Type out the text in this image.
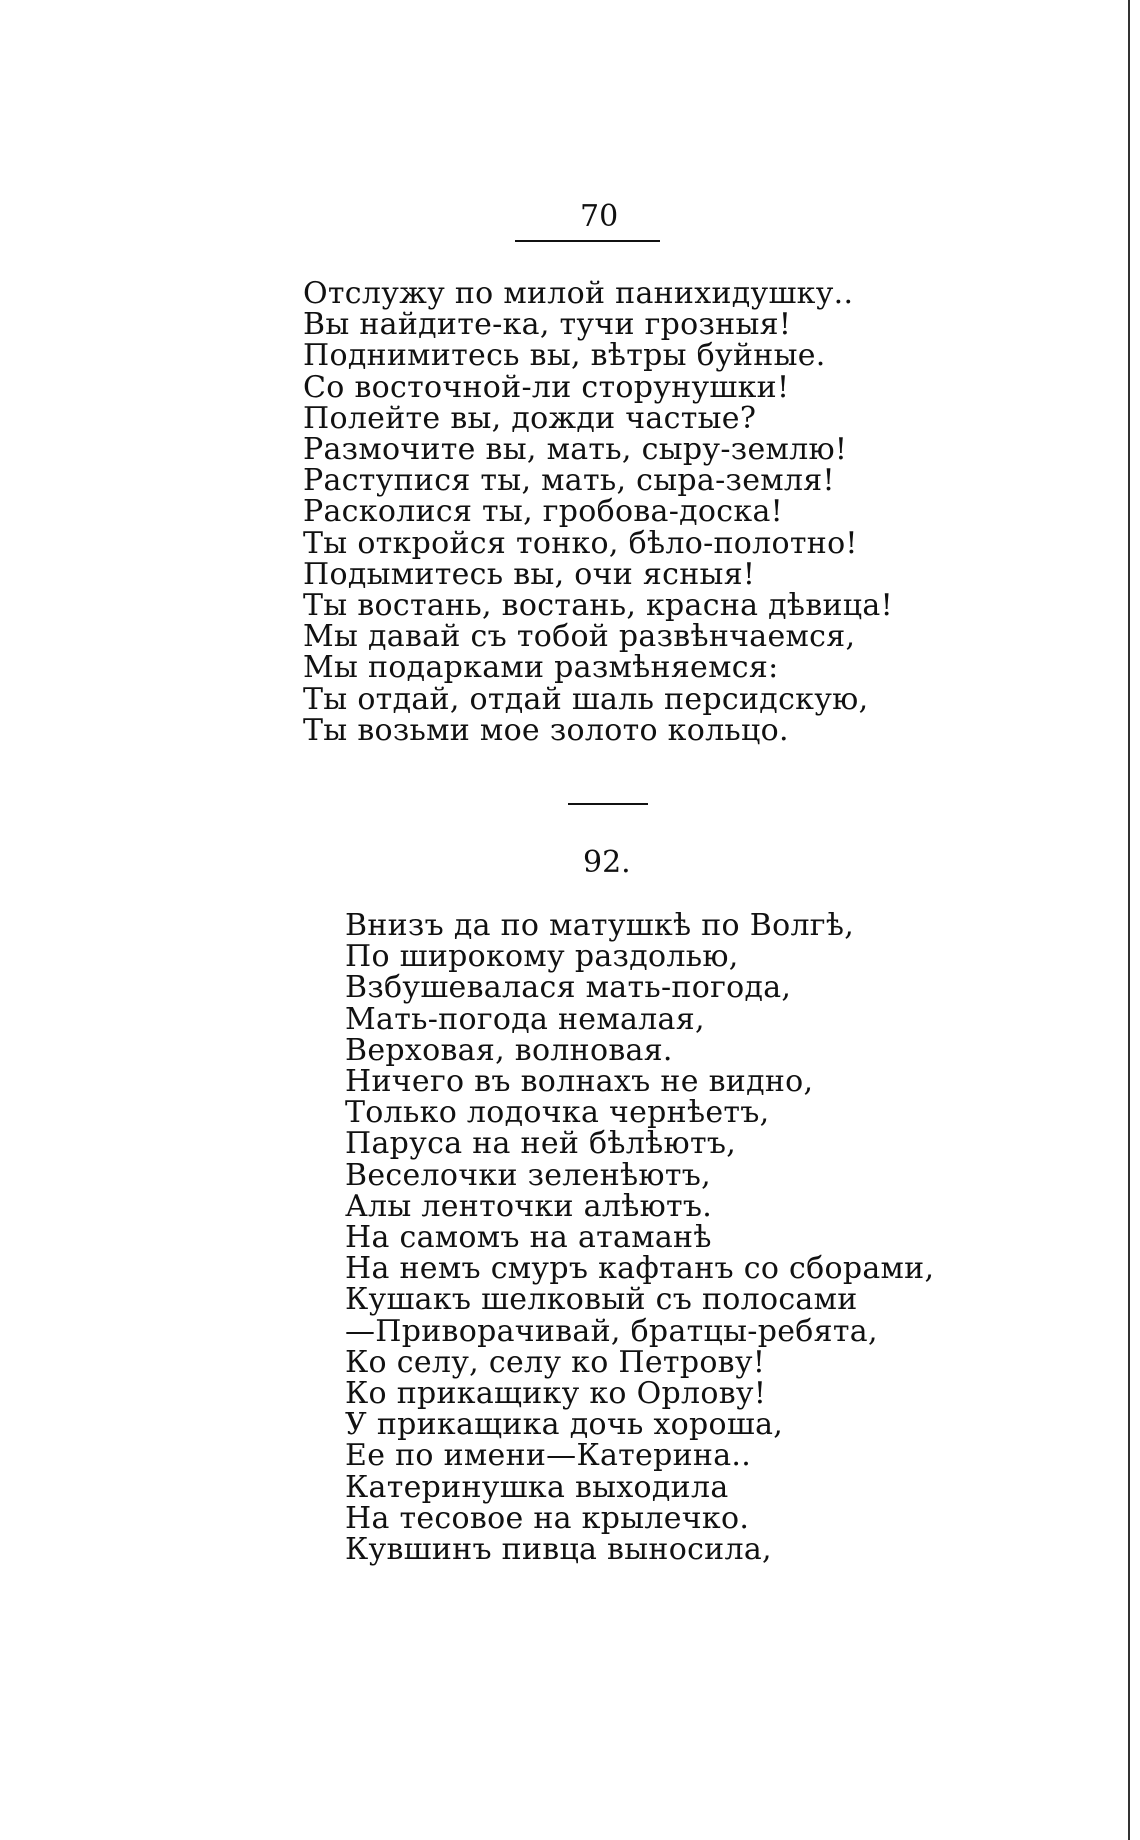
70

Отслужу по милой панихидушку..
Вы найдите-ка, тучи грозныя!
Поднимитесь вы, вѣтры буйные.
Со восточной-ли сторунушки!
Полейте вы, дожди частые?
Размочите вы, мать, сыру-землю!
Раступися ты, мать, сыра-земля!
Расколися ты, гробова-доска!
Ты откройся тонко, бѣло-полотно!
Подымитесь вы, очи ясныя!
Ты востань, востань, красна дѣвица!
Мы давай съ тобой развѣнчаемся,
Мы подарками размѣняемся:
Ты отдай, отдай шаль персидскую,
Ты возьми мое золото кольцо.

92.

Внизъ да по матушкѣ по Волгѣ,
По широкому раздолью,
Взбушевалася мать-погода,
Мать-погода немалая,
Верховая, волновая.
Ничего въ волнахъ не видно,
Только лодочка чернѣетъ,
Паруса на ней бѣлѣютъ,
Веселочки зеленѣютъ,
Алы ленточки алѣютъ.
На самомъ на атаманѣ
На немъ смуръ кафтанъ со сборами,
Кушакъ шелковый съ полосами
—Приворачивай, братцы-ребята,
Ко селу, селу ко Петрову!
Ко прикащику ко Орлову!
У прикащика дочь хороша,
Ее по имени—Катерина..
Катеринушка выходила
На тесовое на крылечко.
Кувшинъ пивца выносила,
